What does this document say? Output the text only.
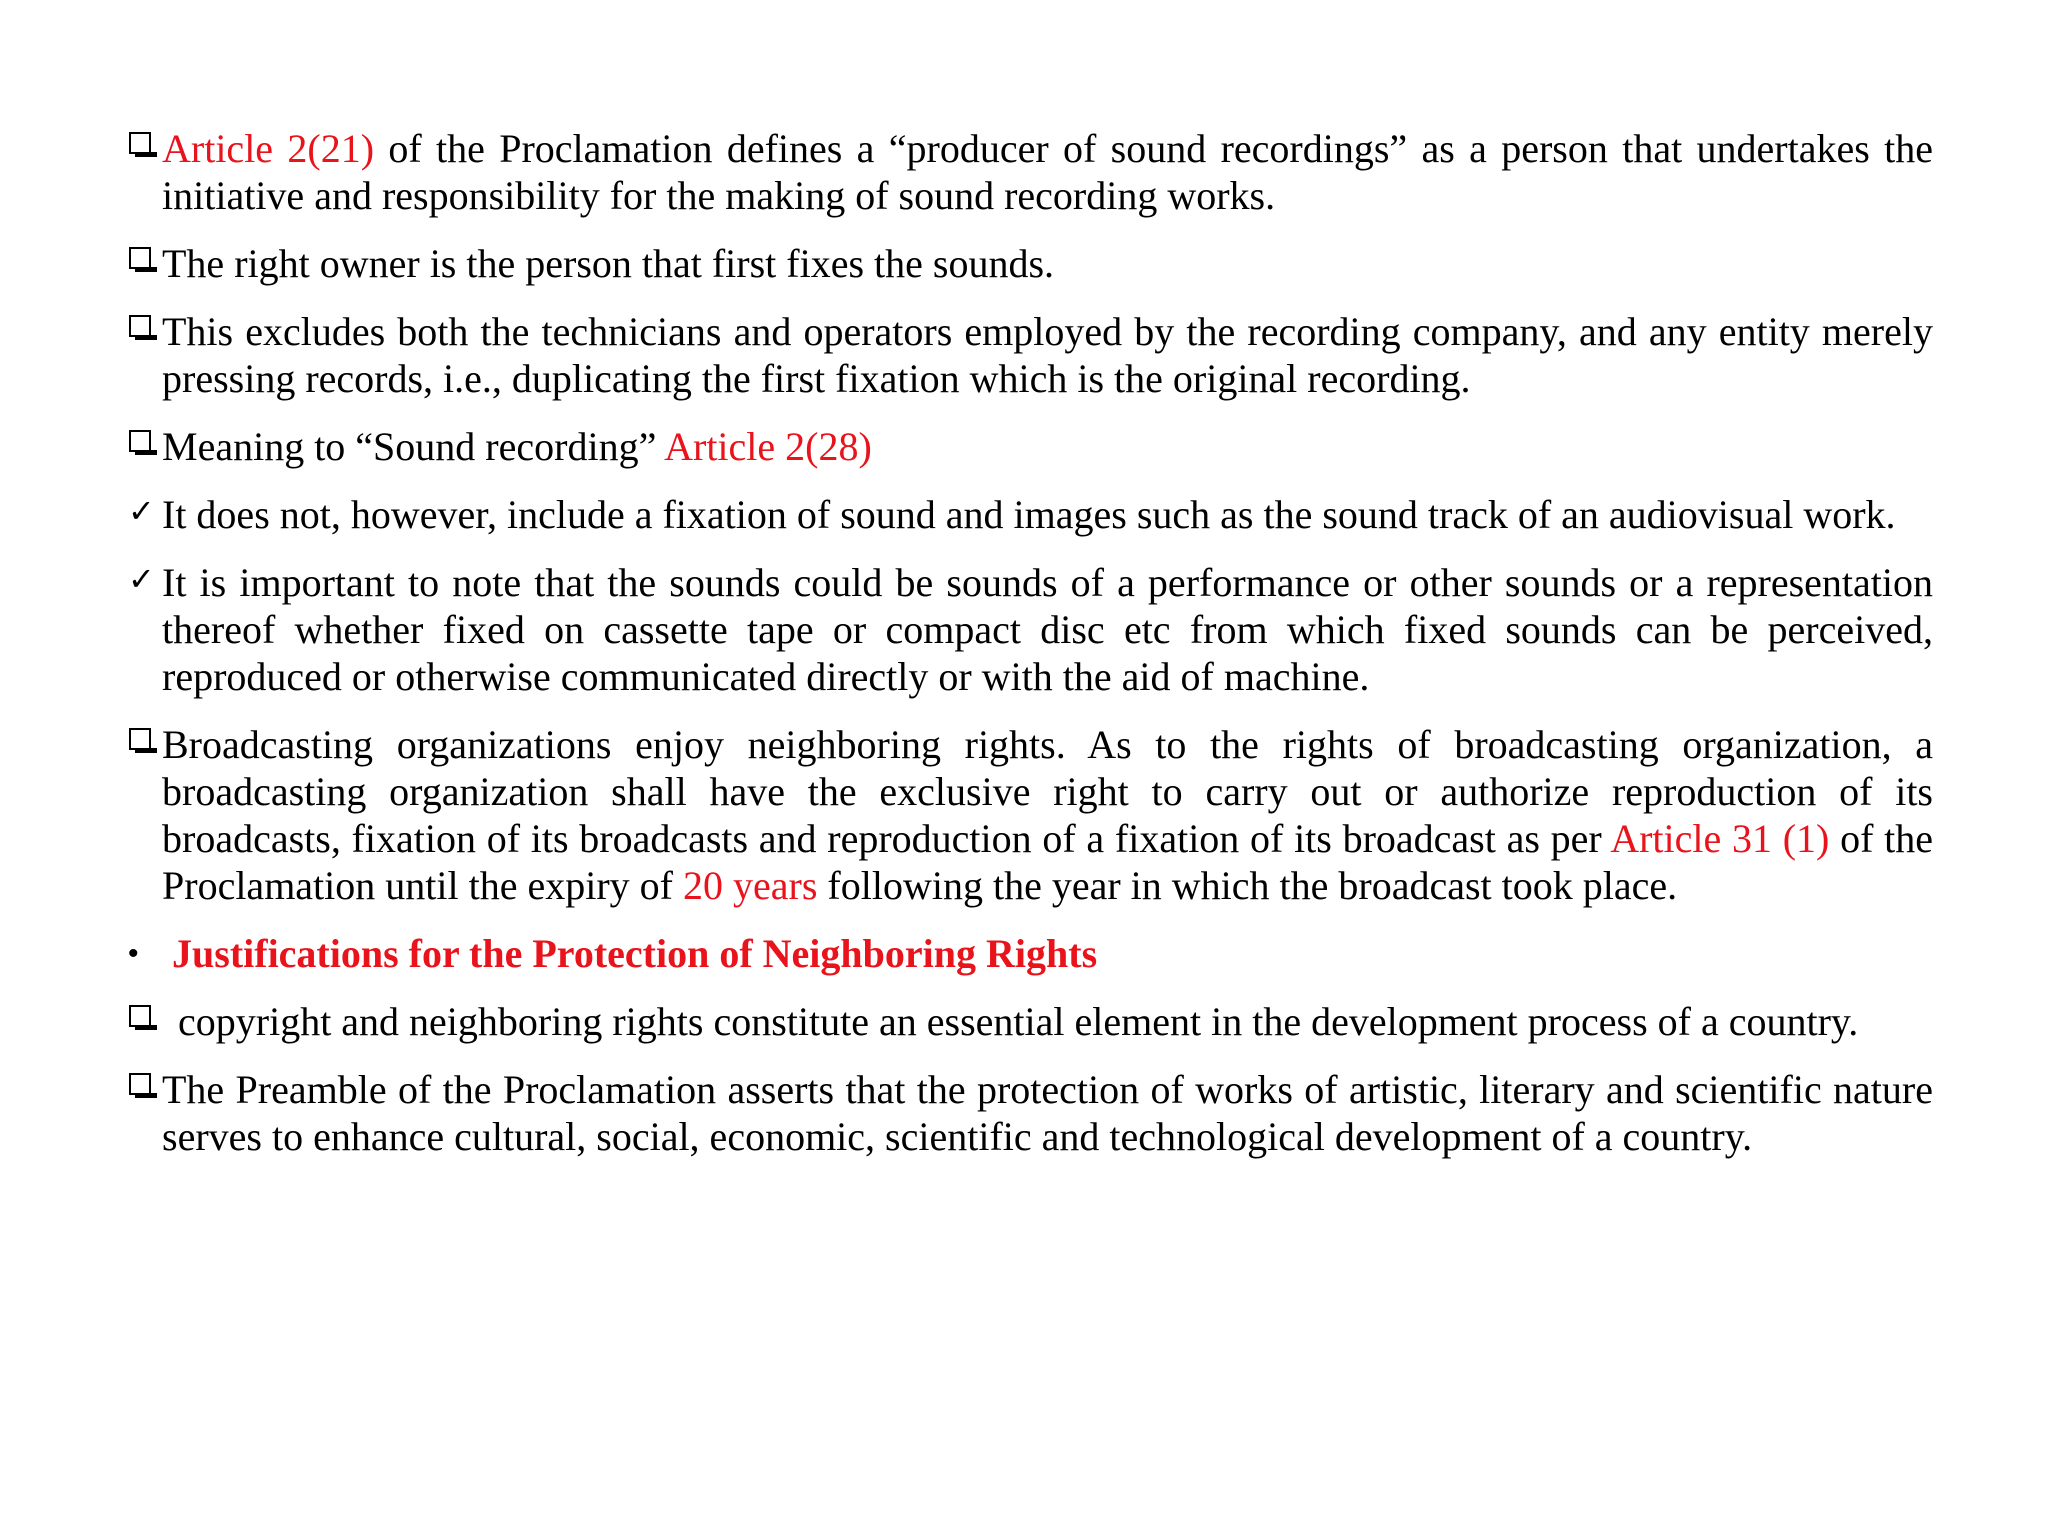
Article 2(21) of the Proclamation defines a “producer of sound recordings” as a person that undertakes the initiative and responsibility for the making of sound recording works.
The right owner is the person that first fixes the sounds.
This excludes both the technicians and operators employed by the recording company, and any entity merely pressing records, i.e., duplicating the first fixation which is the original recording.
Meaning to “Sound recording” Article 2(28)
✓ It does not, however, include a fixation of sound and images such as the sound track of an audiovisual work.
✓ It is important to note that the sounds could be sounds of a performance or other sounds or a representation thereof whether fixed on cassette tape or compact disc etc from which fixed sounds can be perceived, reproduced or otherwise communicated directly or with the aid of machine.
Broadcasting organizations enjoy neighboring rights. As to the rights of broadcasting organization, a broadcasting organization shall have the exclusive right to carry out or authorize reproduction of its broadcasts, fixation of its broadcasts and reproduction of a fixation of its broadcast as per Article 31 (1) of the Proclamation until the expiry of 20 years following the year in which the broadcast took place.
• Justifications for the Protection of Neighboring Rights
copyright and neighboring rights constitute an essential element in the development process of a country.
The Preamble of the Proclamation asserts that the protection of works of artistic, literary and scientific nature serves to enhance cultural, social, economic, scientific and technological development of a country.
